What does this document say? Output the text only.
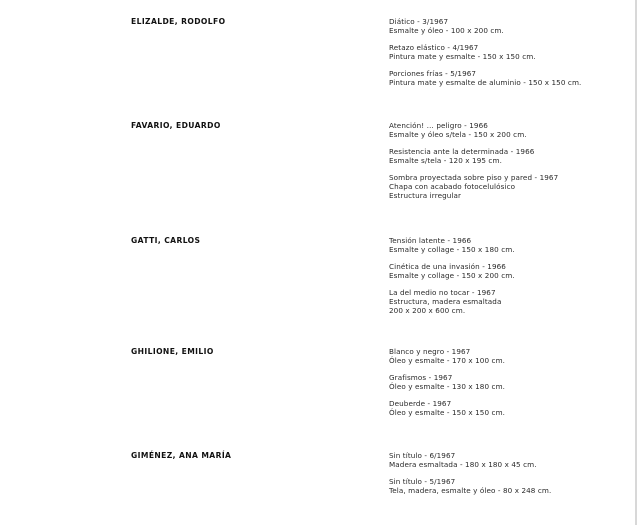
ELIZALDE, RODOLFO	Diático - 3/1967
Esmalte y óleo - 100 x 200 cm.
Retazo elástico - 4/1967
Pintura mate y esmalte - 150 x 150 cm.
Porciones frías - 5/1967
Pintura mate y esmalte de aluminio - 150 x 150 cm.
FAVARIO, EDUARDO	Atención! … peligro - 1966
Esmalte y óleo s/tela - 150 x 200 cm.
Resistencia ante la determinada - 1966
Esmalte s/tela - 120 x 195 cm.
Sombra proyectada sobre piso y pared - 1967
Chapa con acabado fotocelulósico
Estructura irregular
GATTI, CARLOS	Tensión latente - 1966
Esmalte y collage - 150 x 180 cm.
Cinética de una invasión - 1966
Esmalte y collage - 150 x 200 cm.
La del medio no tocar - 1967
Estructura, madera esmaltada
200 x 200 x 600 cm.
GHILIONE, EMILIO	Blanco y negro - 1967
Óleo y esmalte - 170 x 100 cm.
Grafismos - 1967
Óleo y esmalte - 130 x 180 cm.
Deuberde - 1967
Óleo y esmalte - 150 x 150 cm.
GIMÉNEZ, ANA MARÍA	Sin título - 6/1967
Madera esmaltada - 180 x 180 x 45 cm.
Sin título - 5/1967
Tela, madera, esmalte y óleo - 80 x 248 cm.
